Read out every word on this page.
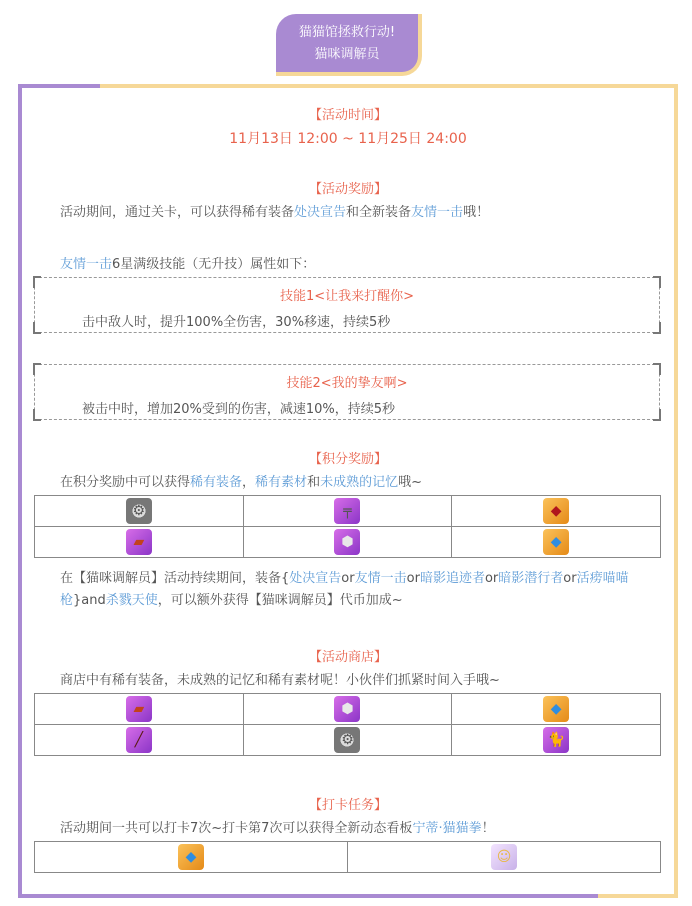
猫猫馆拯救行动!
猫咪调解员
【活动时间】
11月13日 12:00 ~ 11月25日 24:00
【活动奖励】
活动期间，通过关卡，可以获得稀有装备处决宣告和全新装备友情一击哦！
友情一击6星满级技能（无升技）属性如下：
技能1<让我来打醒你>
击中敌人时，提升100%全伤害，30%移速，持续5秒
技能2<我的挚友啊>
被击中时，增加20%受到的伤害，减速10%，持续5秒
【积分奖励】
在积分奖励中可以获得稀有装备，稀有素材和未成熟的记忆哦~
⚙	╤	◆

▰	⬢	◆
在【猫咪调解员】活动持续期间，装备{处决宣告or友情一击or暗影追迹者or暗影潜行者or活痨喵喵枪}and杀戮天使，可以额外获得【猫咪调解员】代币加成~
【活动商店】
商店中有稀有装备，未成熟的记忆和稀有素材呢！小伙伴们抓紧时间入手哦~
▰	⬢	◆

╱	⚙	🐈
【打卡任务】
活动期间一共可以打卡7次~打卡第7次可以获得全新动态看板宁蒂·猫猫拳！
◆	☺
